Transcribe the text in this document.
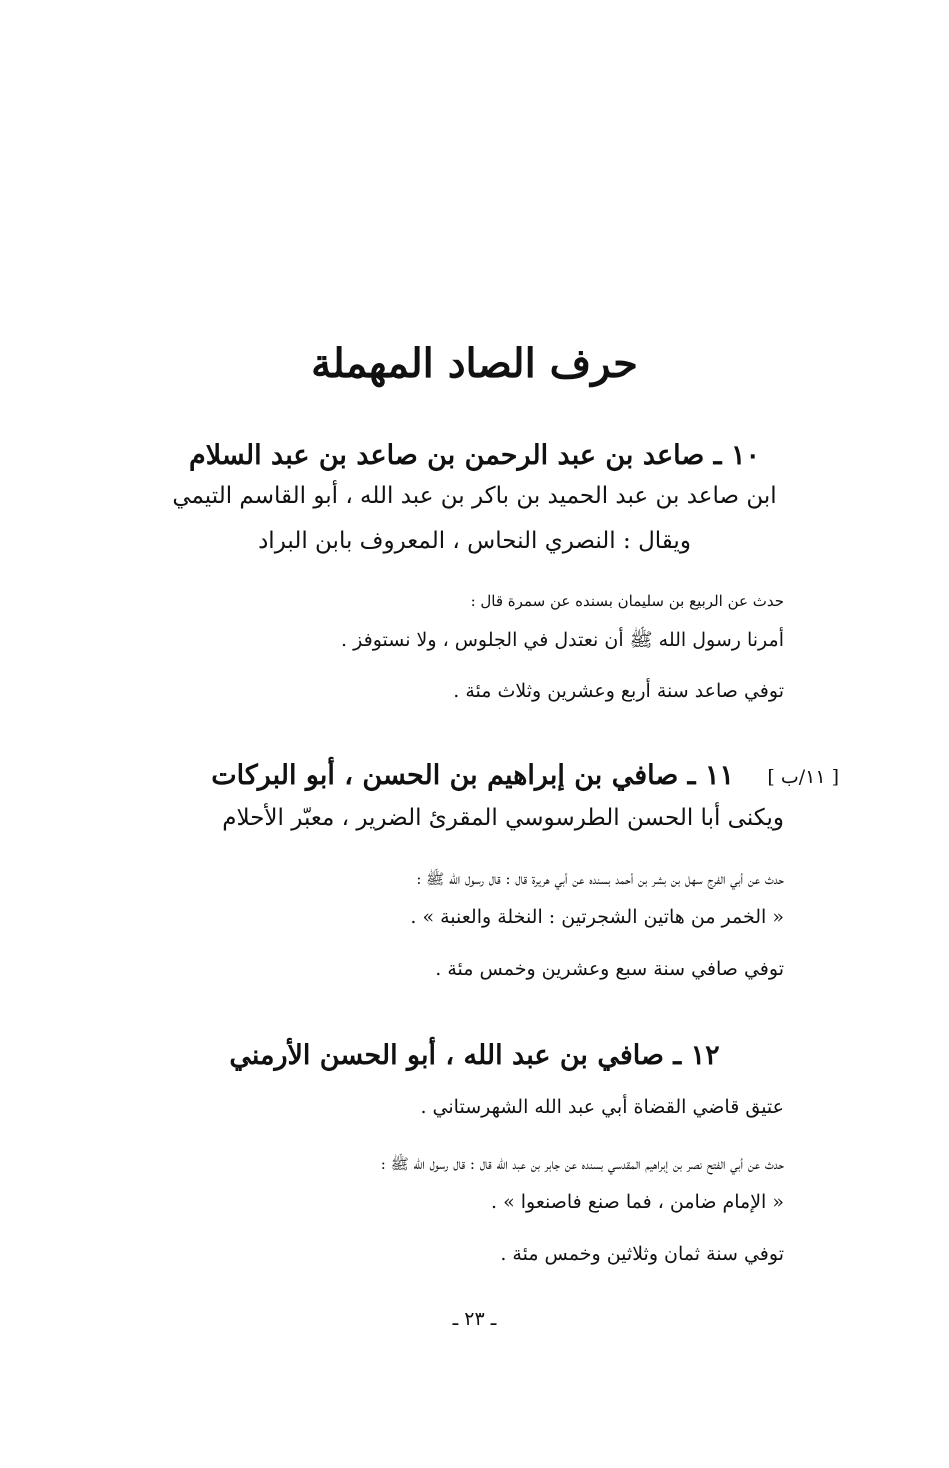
حرف الصاد المهملة
١٠ ـ صاعد بن عبد الرحمن بن صاعد بن عبد السلام
ابن صاعد بن عبد الحميد بن باكر بن عبد الله ، أبو القاسم التيمي
ويقال : النصري النحاس ، المعروف بابن البراد
حدث عن الربيع بن سليمان بسنده عن سمرة قال :
أمرنا رسول الله ﷺ أن نعتدل في الجلوس ، ولا نستوفز .
توفي صاعد سنة أربع وعشرين وثلاث مئة .
[ ١١/ب ]
١١ ـ صافي بن إبراهيم بن الحسن ، أبو البركات
ويكنى أبا الحسن الطرسوسي المقرئ الضرير ، معبّر الأحلام
حدث عن أبي الفرج سهل بن بشر بن أحمد بسنده عن أبي هريرة قال : قال رسول الله ﷺ :
« الخمر من هاتين الشجرتين : النخلة والعنبة » .
توفي صافي سنة سبع وعشرين وخمس مئة .
١٢ ـ صافي بن عبد الله ، أبو الحسن الأرمني
عتيق قاضي القضاة أبي عبد الله الشهرستاني .
حدث عن أبي الفتح نصر بن إبراهيم المقدسي بسنده عن جابر بن عبد الله قال : قال رسول الله ﷺ :
« الإمام ضامن ، فما صنع فاصنعوا » .
توفي سنة ثمان وثلاثين وخمس مئة .
ـ ٢٣ ـ
